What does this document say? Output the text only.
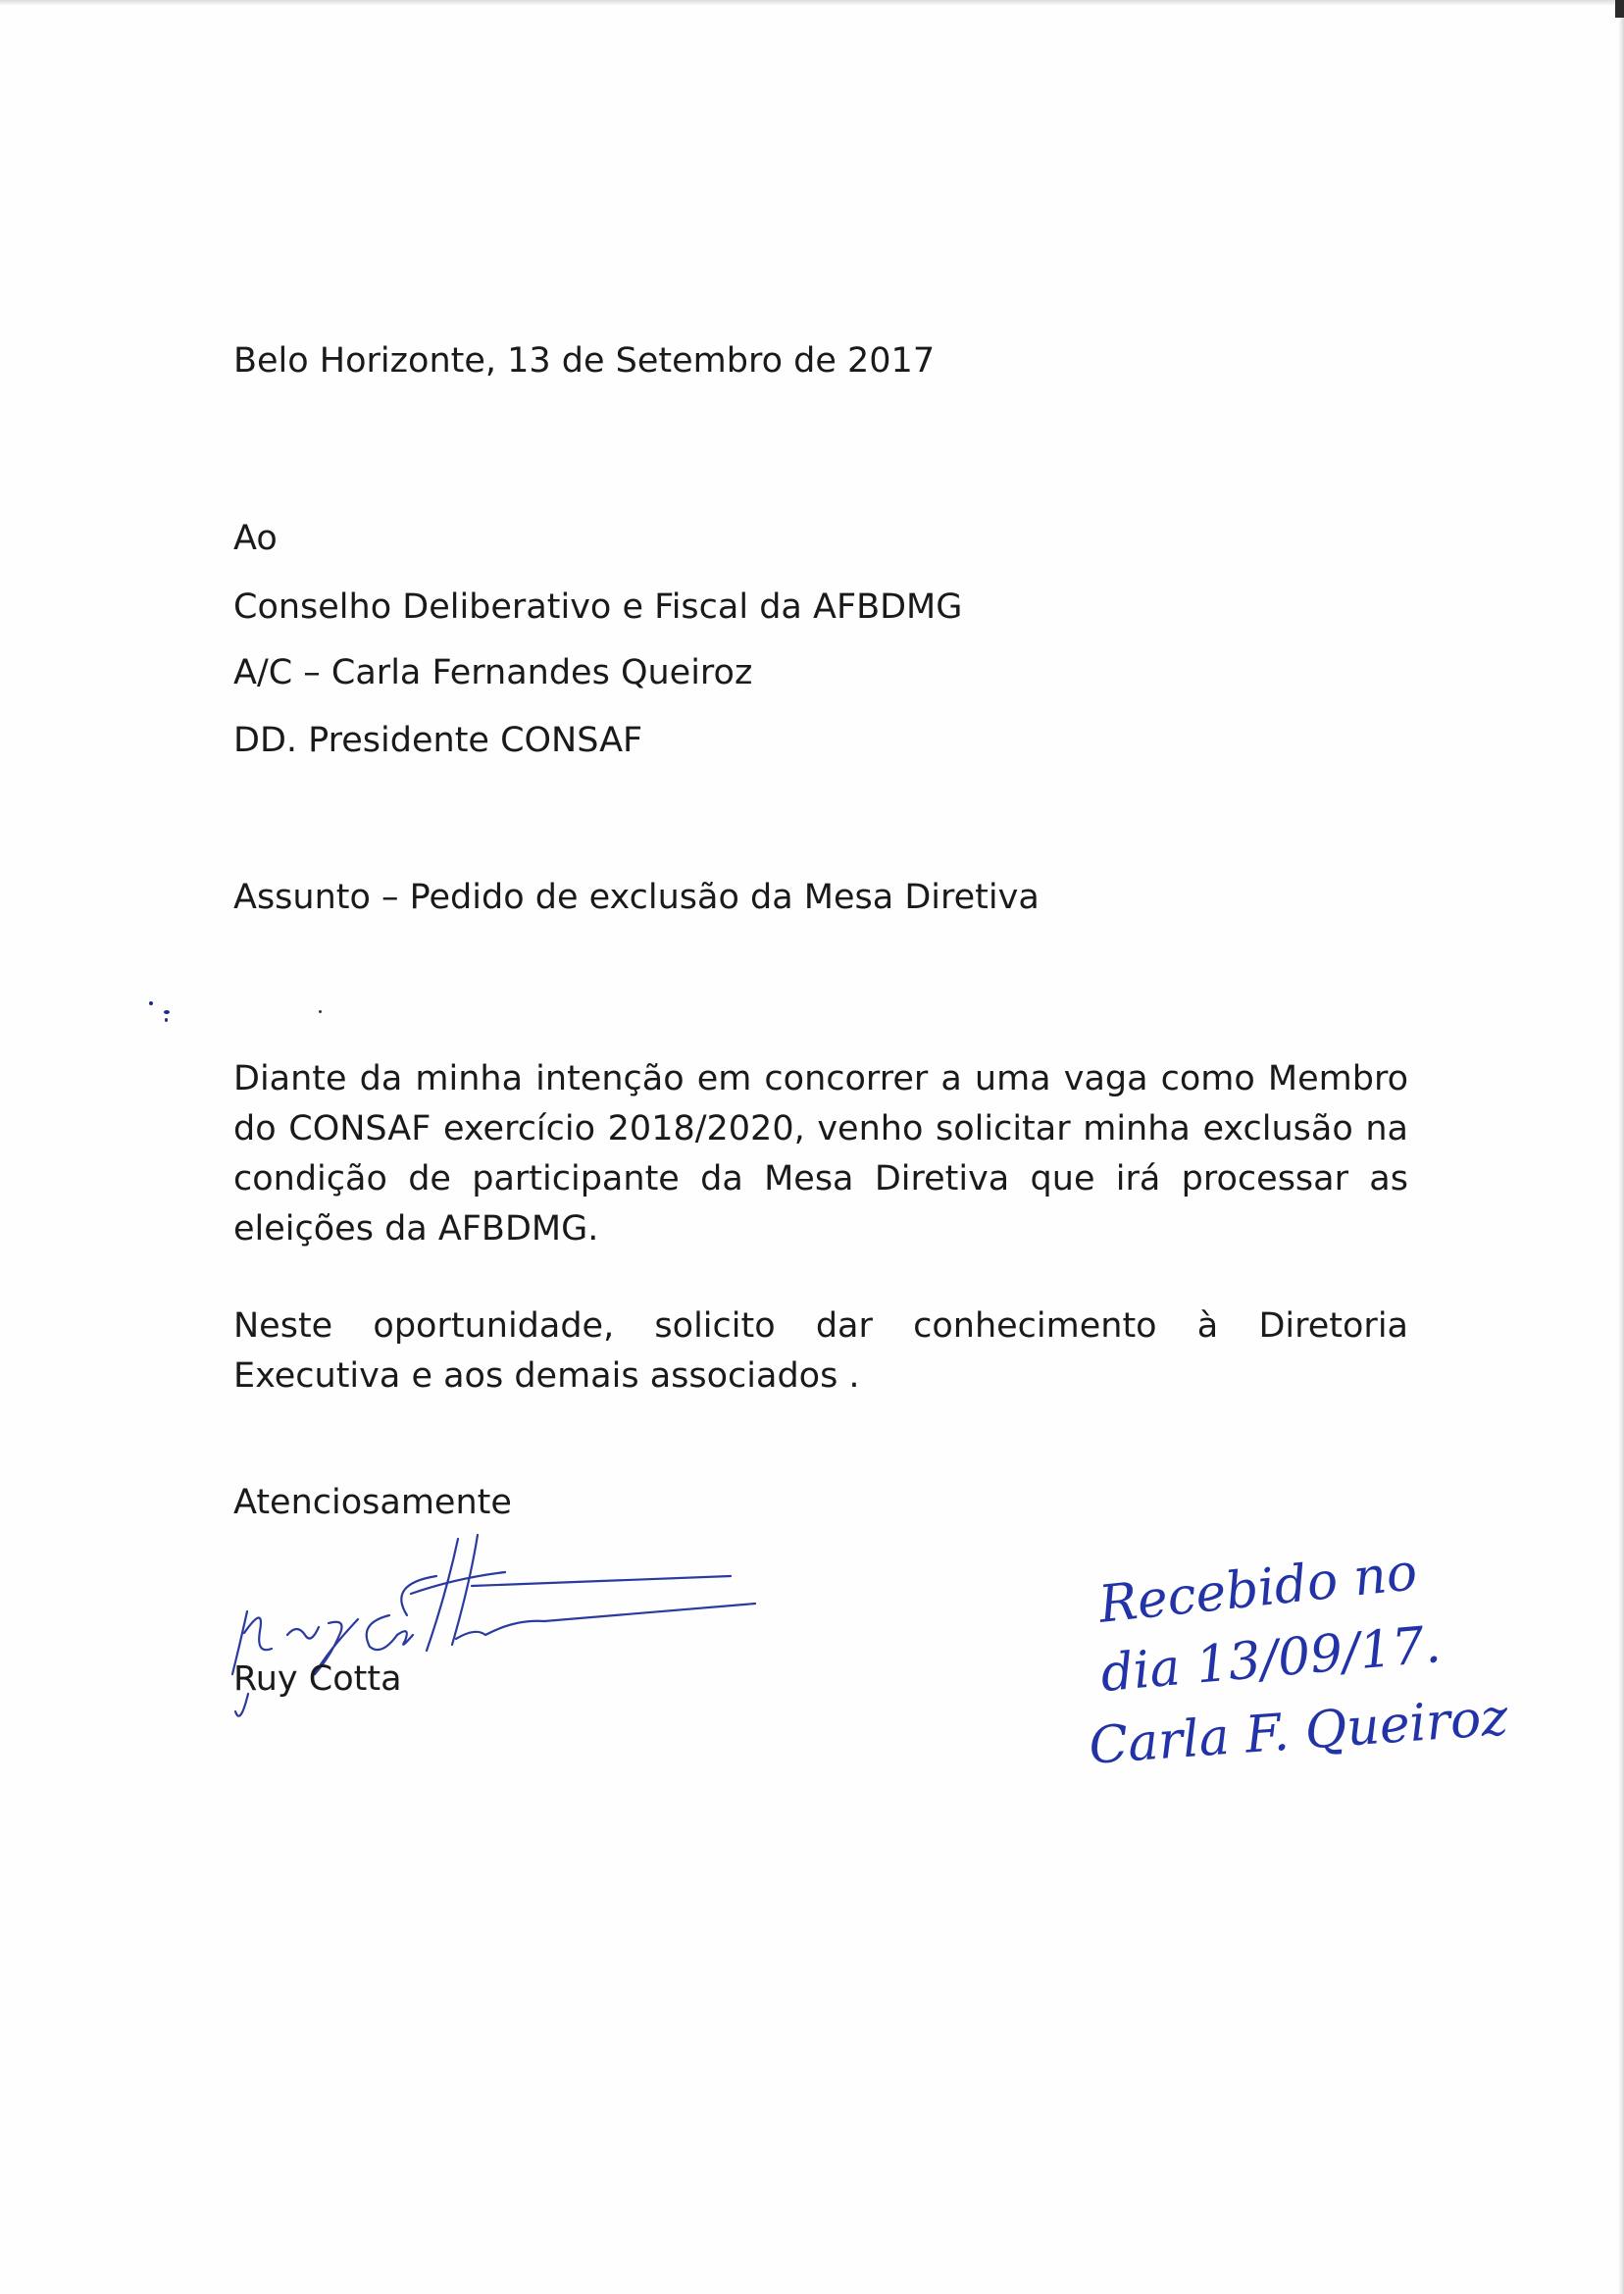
Belo Horizonte, 13 de Setembro de 2017

Ao

Conselho Deliberativo e Fiscal da AFBDMG

A/C – Carla Fernandes Queiroz

DD. Presidente CONSAF

Assunto – Pedido de exclusão da Mesa Diretiva

Diante da minha intenção em concorrer a uma vaga como Membro do CONSAF exercício 2018/2020, venho solicitar minha exclusão na condição de participante da Mesa Diretiva que irá processar as eleições da AFBDMG.

Neste oportunidade, solicito dar conhecimento à Diretoria Executiva e aos demais associados .

Atenciosamente

Ruy Cotta

Recebido no

dia 13/09/17.

Carla F. Queiroz
